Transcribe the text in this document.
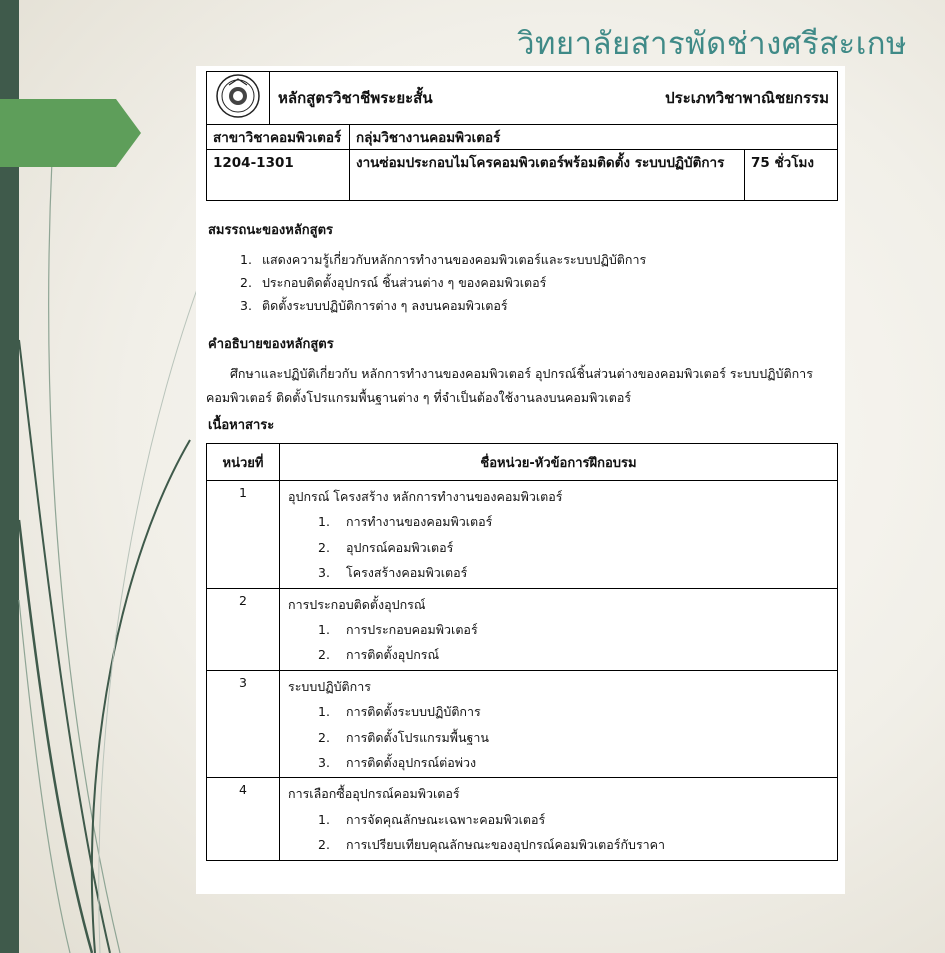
วิทยาลัยสารพัดช่างศรีสะเกษ

หลักสูตรวิชาชีพระยะสั้น ประเภทวิชาพาณิชยกรรม		

สาขาวิชาคอมพิวเตอร์		กลุ่มวิชางานคอมพิวเตอร์	
1204-1301		งานซ่อมประกอบไมโครคอมพิวเตอร์พร้อมติดตั้ง ระบบปฏิบัติการ	75 ชั่วโมง
สมรรถนะของหลักสูตร
1. แสดงความรู้เกี่ยวกับหลักการทำงานของคอมพิวเตอร์และระบบปฏิบัติการ
2. ประกอบติดตั้งอุปกรณ์ ชิ้นส่วนต่าง ๆ ของคอมพิวเตอร์
3. ติดตั้งระบบปฏิบัติการต่าง ๆ ลงบนคอมพิวเตอร์
คำอธิบายของหลักสูตร

ศึกษาและปฏิบัติเกี่ยวกับ หลักการทำงานของคอมพิวเตอร์ อุปกรณ์ชิ้นส่วนต่างของคอมพิวเตอร์ ระบบปฏิบัติการคอมพิวเตอร์ ติดตั้งโปรแกรมพื้นฐานต่าง ๆ ที่จำเป็นต้องใช้งานลงบนคอมพิวเตอร์

เนื้อหาสาระ
หน่วยที่	ชื่อหน่วย-หัวข้อการฝึกอบรม
1	อุปกรณ์ โครงสร้าง หลักการทำงานของคอมพิวเตอร์
1. การทำงานของคอมพิวเตอร์
2. อุปกรณ์คอมพิวเตอร์
3. โครงสร้างคอมพิวเตอร์

2	การประกอบติดตั้งอุปกรณ์
1. การประกอบคอมพิวเตอร์
2. การติดตั้งอุปกรณ์

3	ระบบปฏิบัติการ
1. การติดตั้งระบบปฏิบัติการ
2. การติดตั้งโปรแกรมพื้นฐาน
3. การติดตั้งอุปกรณ์ต่อพ่วง

4	การเลือกซื้ออุปกรณ์คอมพิวเตอร์
1. การจัดคุณลักษณะเฉพาะคอมพิวเตอร์
2. การเปรียบเทียบคุณลักษณะของอุปกรณ์คอมพิวเตอร์กับราคา
